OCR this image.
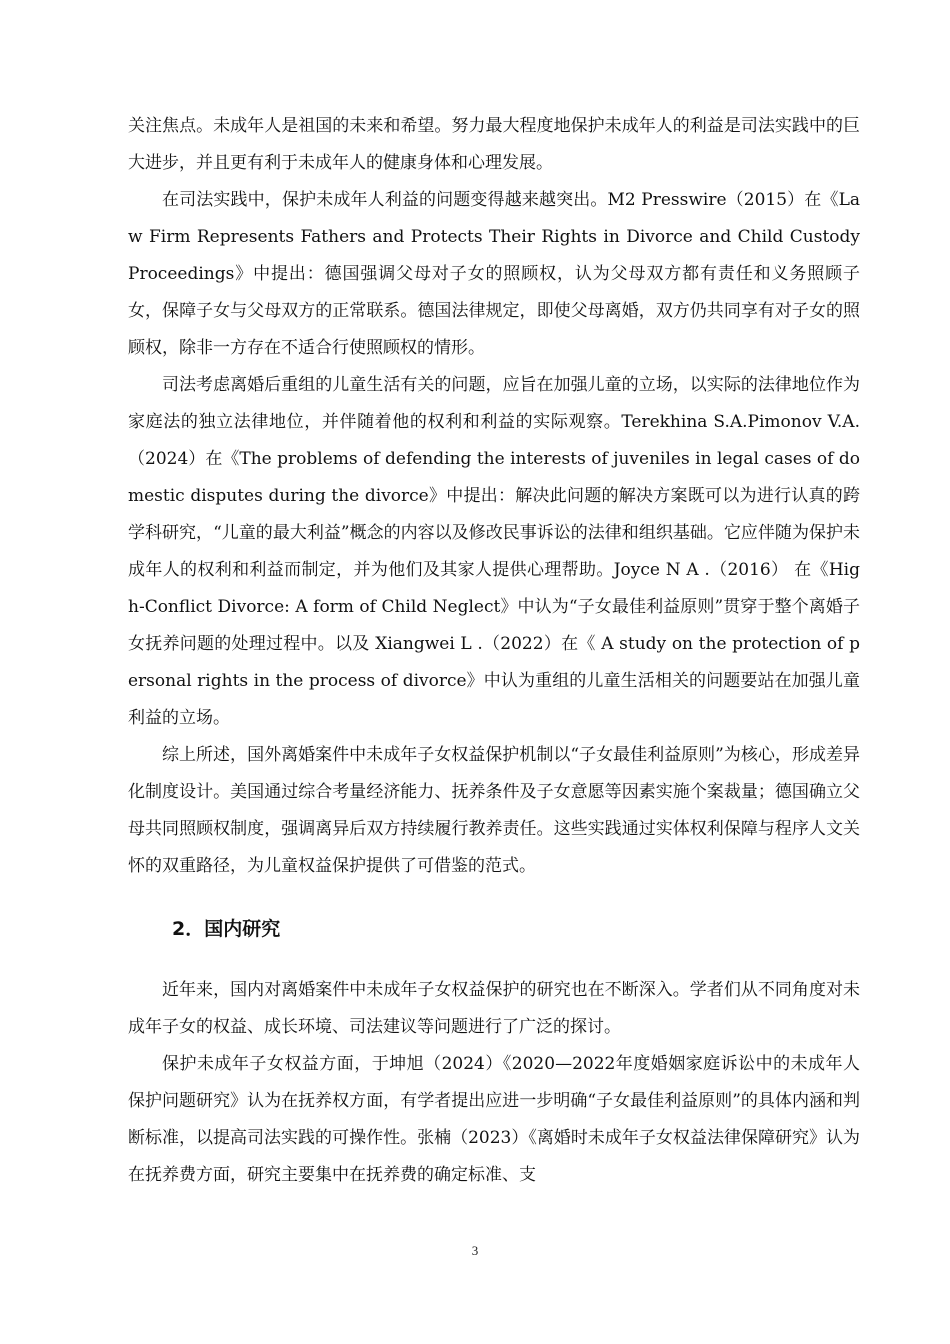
关注焦点。未成年人是祖国的未来和希望。努力最大程度地保护未成年人的利益是司法实践中的巨大进步，并且更有利于未成年人的健康身体和心理发展。

在司法实践中，保护未成年人利益的问题变得越来越突出。M2 Presswire（2015）在《Law Firm Represents Fathers and Protects Their Rights in Divorce and Child Custody Proceedings》中提出：德国强调父母对子女的照顾权，认为父母双方都有责任和义务照顾子女，保障子女与父母双方的正常联系。德国法律规定，即使父母离婚，双方仍共同享有对子女的照顾权，除非一方存在不适合行使照顾权的情形。

司法考虑离婚后重组的儿童生活有关的问题，应旨在加强儿童的立场，以实际的法律地位作为家庭法的独立法律地位，并伴随着他的权利和利益的实际观察。Terekhina S.A.Pimonov V.A.（2024）在《The problems of defending the interests of juveniles in legal cases of domestic disputes during the divorce》中提出：解决此问题的解决方案既可以为进行认真的跨学科研究，“儿童的最大利益”概念的内容以及修改民事诉讼的法律和组织基础。它应伴随为保护未成年人的权利和利益而制定，并为他们及其家人提供心理帮助。Joyce N A .（2016） 在《High‑Conflict Divorce: A form of Child Neglect》中认为“子女最佳利益原则”贯穿于整个离婚子女抚养问题的处理过程中。以及 Xiangwei L .（2022）在《 A study on the protection of personal rights in the process of divorce》中认为重组的儿童生活相关的问题要站在加强儿童利益的立场。

综上所述，国外离婚案件中未成年子女权益保护机制以“子女最佳利益原则”为核心，形成差异化制度设计。美国通过综合考量经济能力、抚养条件及子女意愿等因素实施个案裁量；德国确立父母共同照顾权制度，强调离异后双方持续履行教养责任。这些实践通过实体权利保障与程序人文关怀的双重路径，为儿童权益保护提供了可借鉴的范式。

2．国内研究

近年来，国内对离婚案件中未成年子女权益保护的研究也在不断深入。学者们从不同角度对未成年子女的权益、成长环境、司法建议等问题进行了广泛的探讨。

保护未成年子女权益方面，于坤旭（2024）《2020—2022年度婚姻家庭诉讼中的未成年人保护问题研究》认为在抚养权方面，有学者提出应进一步明确“子女最佳利益原则”的具体内涵和判断标准，以提高司法实践的可操作性。张楠（2023）《离婚时未成年子女权益法律保障研究》认为在抚养费方面，研究主要集中在抚养费的确定标准、支

3
